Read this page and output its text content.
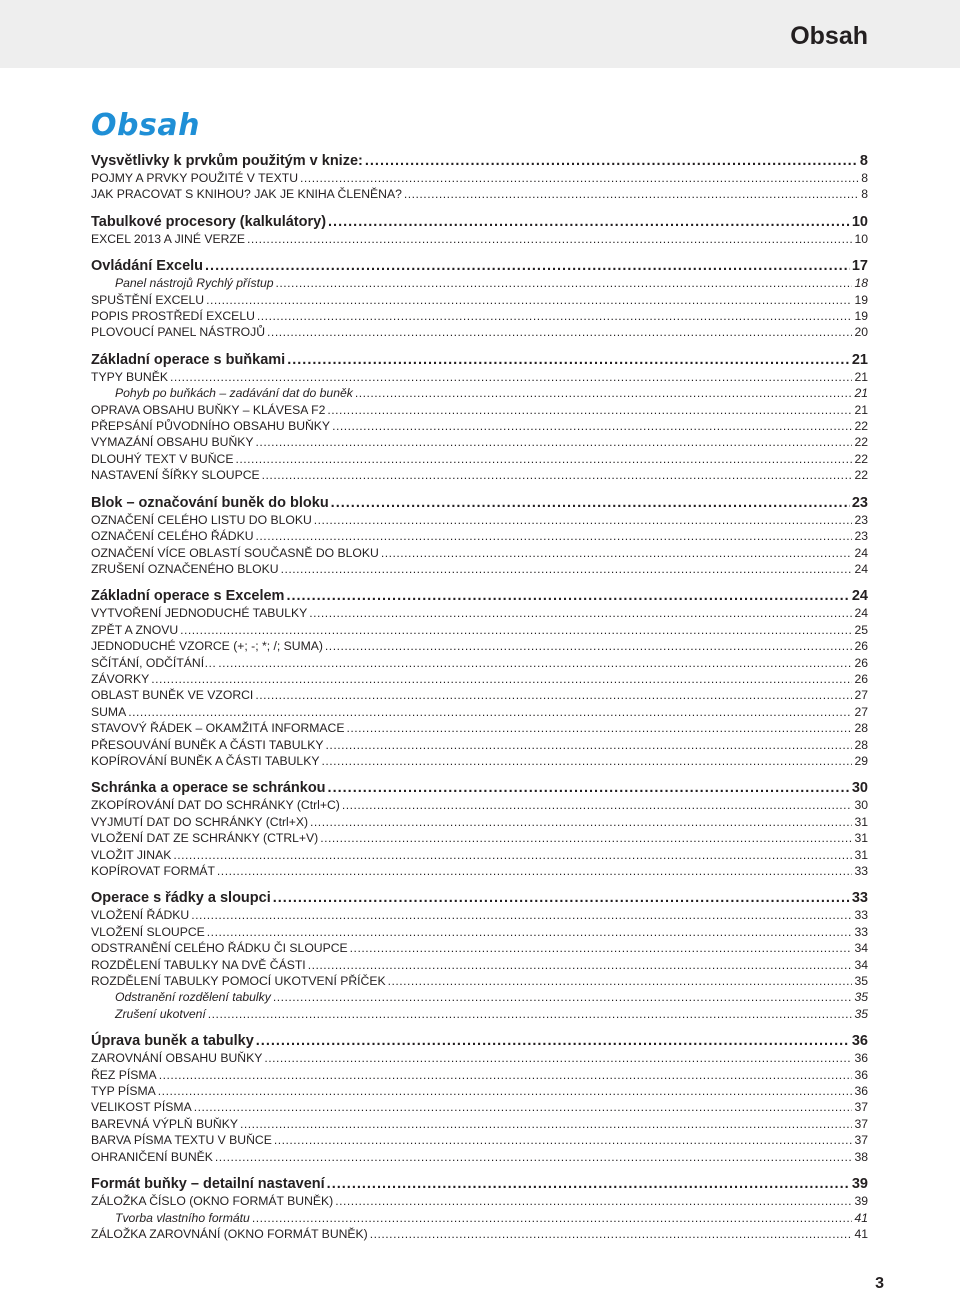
Obsah
Obsah
Vysvětlivky k prvkům použitým v knize: .....	8
POJMY A PRVKY POUŽITÉ V TEXTU .....	8
JAK PRACOVAT S KNIHOU? JAK JE KNIHA ČLENĚNA? .....	8
Tabulkové procesory (kalkulátory) .....	10
EXCEL 2013 A JINÉ VERZE .....	10
Ovládání Excelu .....	17
Panel nástrojů Rychlý přístup .....	18
SPUŠTĚNÍ EXCELU .....	19
POPIS PROSTŘEDÍ EXCELU .....	19
PLOVOUCÍ PANEL NÁSTROJŮ .....	20
Základní operace s buňkami .....	21
TYPY BUNĚK .....	21
Pohyb po buňkách – zadávání dat do buněk .....	21
OPRAVA OBSAHU BUŇKY – KLÁVESA F2 .....	21
PŘEPSÁNÍ PŮVODNÍHO OBSAHU BUŇKY .....	22
VYMAZÁNÍ OBSAHU BUŇKY .....	22
DLOUHÝ TEXT V BUŇCE .....	22
NASTAVENÍ ŠÍŘKY SLOUPCE .....	22
Blok – označování buněk do bloku .....	23
OZNAČENÍ CELÉHO LISTU DO BLOKU .....	23
OZNAČENÍ CELÉHO ŘÁDKU .....	23
OZNAČENÍ VÍCE OBLASTÍ SOUČASNĚ DO BLOKU .....	24
ZRUŠENÍ OZNAČENÉHO BLOKU .....	24
Základní operace s Excelem .....	24
VYTVOŘENÍ JEDNODUCHÉ TABULKY .....	24
ZPĚT A ZNOVU .....	25
JEDNODUCHÉ VZORCE (+; -; *; /; SUMA) .....	26
SČÍTÁNÍ, ODČÍTÁNÍ… .....	26
ZÁVORKY .....	26
OBLAST BUNĚK VE VZORCI .....	27
SUMA .....	27
STAVOVÝ ŘÁDEK – OKAMŽITÁ INFORMACE .....	28
PŘESOUVÁNÍ BUNĚK A ČÁSTI TABULKY .....	28
KOPÍROVÁNÍ BUNĚK A ČÁSTI TABULKY .....	29
Schránka a operace se schránkou .....	30
ZKOPÍROVÁNÍ DAT DO SCHRÁNKY (Ctrl+C) .....	30
VYJMUTÍ DAT DO SCHRÁNKY (Ctrl+X) .....	31
VLOŽENÍ DAT ZE SCHRÁNKY (CTRL+V) .....	31
VLOŽIT JINAK .....	31
KOPÍROVAT FORMÁT .....	33
Operace s řádky a sloupci .....	33
VLOŽENÍ ŘÁDKU .....	33
VLOŽENÍ SLOUPCE .....	33
ODSTRANĚNÍ CELÉHO ŘÁDKU ČI SLOUPCE .....	34
ROZDĚLENÍ TABULKY NA DVĚ ČÁSTI .....	34
ROZDĚLENÍ TABULKY POMOCÍ UKOTVENÍ PŘÍČEK .....	35
Odstranění rozdělení tabulky .....	35
Zrušení ukotvení .....	35
Úprava buněk a tabulky .....	36
ZAROVNÁNÍ OBSAHU BUŇKY .....	36
ŘEZ PÍSMA .....	36
TYP PÍSMA .....	36
VELIKOST PÍSMA .....	37
BAREVNÁ VÝPLŇ BUŇKY .....	37
BARVA PÍSMA TEXTU V BUŇCE .....	37
OHRANIČENÍ BUNĚK .....	38
Formát buňky – detailní nastavení .....	39
ZÁLOŽKA ČÍSLO (OKNO FORMÁT BUNĚK) .....	39
Tvorba vlastního formátu .....	41
ZÁLOŽKA ZAROVNÁNÍ (OKNO FORMÁT BUNĚK) .....	41
3
